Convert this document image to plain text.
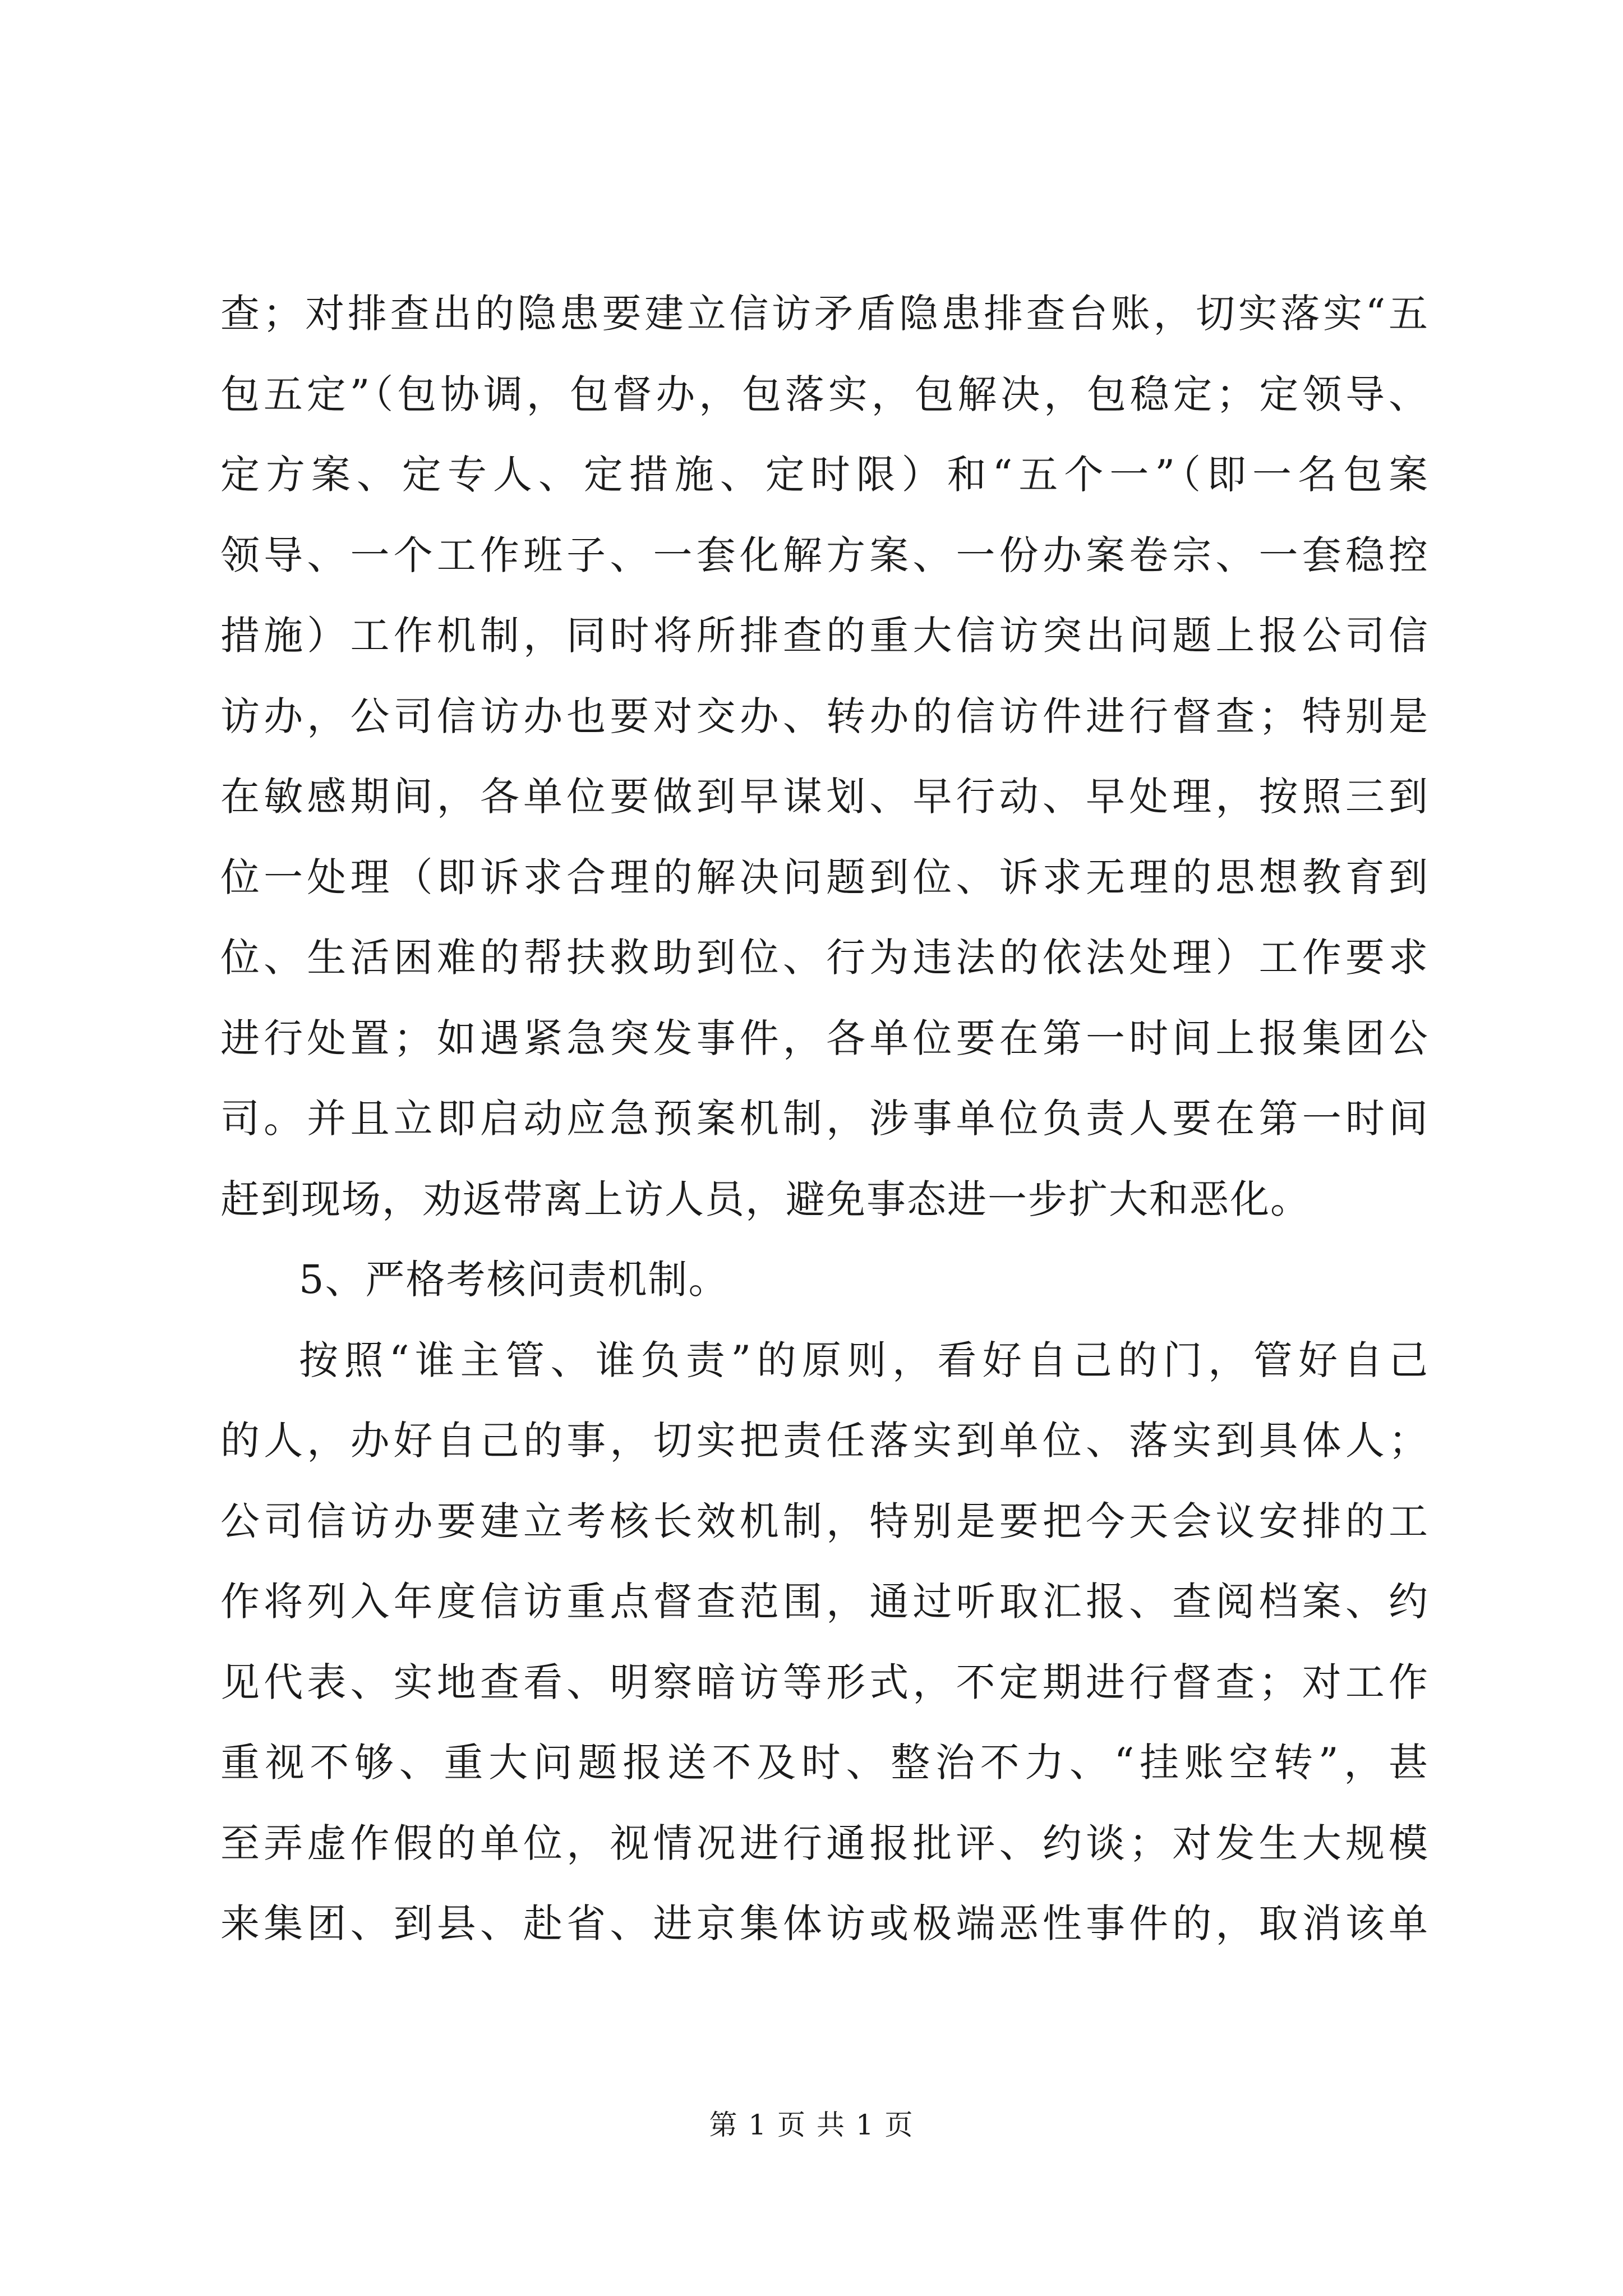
查；对排查出的隐患要建立信访矛盾隐患排查台账，切实落实“五
包五定”（包协调，包督办，包落实，包解决，包稳定；定领导、
定方案、定专人、定措施、定时限）和“五个一”（即一名包案
领导、一个工作班子、一套化解方案、一份办案卷宗、一套稳控
措施）工作机制，同时将所排查的重大信访突出问题上报公司信
访办，公司信访办也要对交办、转办的信访件进行督查；特别是
在敏感期间，各单位要做到早谋划、早行动、早处理，按照三到
位一处理（即诉求合理的解决问题到位、诉求无理的思想教育到
位、生活困难的帮扶救助到位、行为违法的依法处理）工作要求
进行处置；如遇紧急突发事件，各单位要在第一时间上报集团公
司。并且立即启动应急预案机制，涉事单位负责人要在第一时间
赶到现场，劝返带离上访人员，避免事态进一步扩大和恶化。
5、严格考核问责机制。
按照“谁主管、谁负责”的原则，看好自己的门，管好自己
的人，办好自己的事，切实把责任落实到单位、落实到具体人；
公司信访办要建立考核长效机制，特别是要把今天会议安排的工
作将列入年度信访重点督查范围，通过听取汇报、查阅档案、约
见代表、实地查看、明察暗访等形式，不定期进行督查；对工作
重视不够、重大问题报送不及时、整治不力、“挂账空转”，甚
至弄虚作假的单位，视情况进行通报批评、约谈；对发生大规模
来集团、到县、赴省、进京集体访或极端恶性事件的，取消该单
第 1 页 共 1 页
